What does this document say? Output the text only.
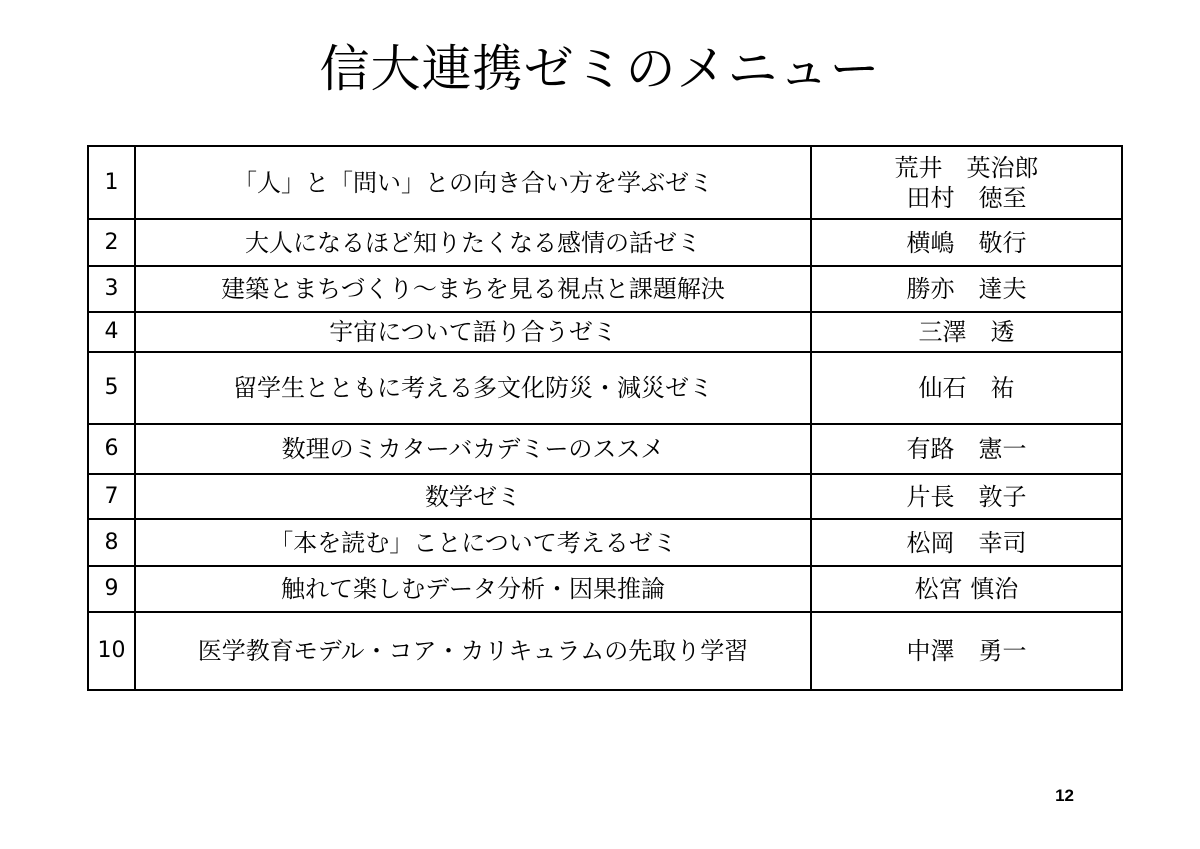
信大連携ゼミのメニュー
1	「人」と「問い」との向き合い方を学ぶゼミ	荒井　英治郎
田村　徳至

2	大人になるほど知りたくなる感情の話ゼミ	横嶋　敬行

3	建築とまちづくり～まちを見る視点と課題解決	勝亦　達夫

4	宇宙について語り合うゼミ	三澤　透

5	留学生とともに考える多文化防災・減災ゼミ	仙石　祐

6	数理のミカターバカデミーのススメ	有路　憲一

7	数学ゼミ	片長　敦子

8	「本を読む」ことについて考えるゼミ	松岡　幸司

9	触れて楽しむデータ分析・因果推論	松宮 慎治

10	医学教育モデル・コア・カリキュラムの先取り学習	中澤　勇一
12
